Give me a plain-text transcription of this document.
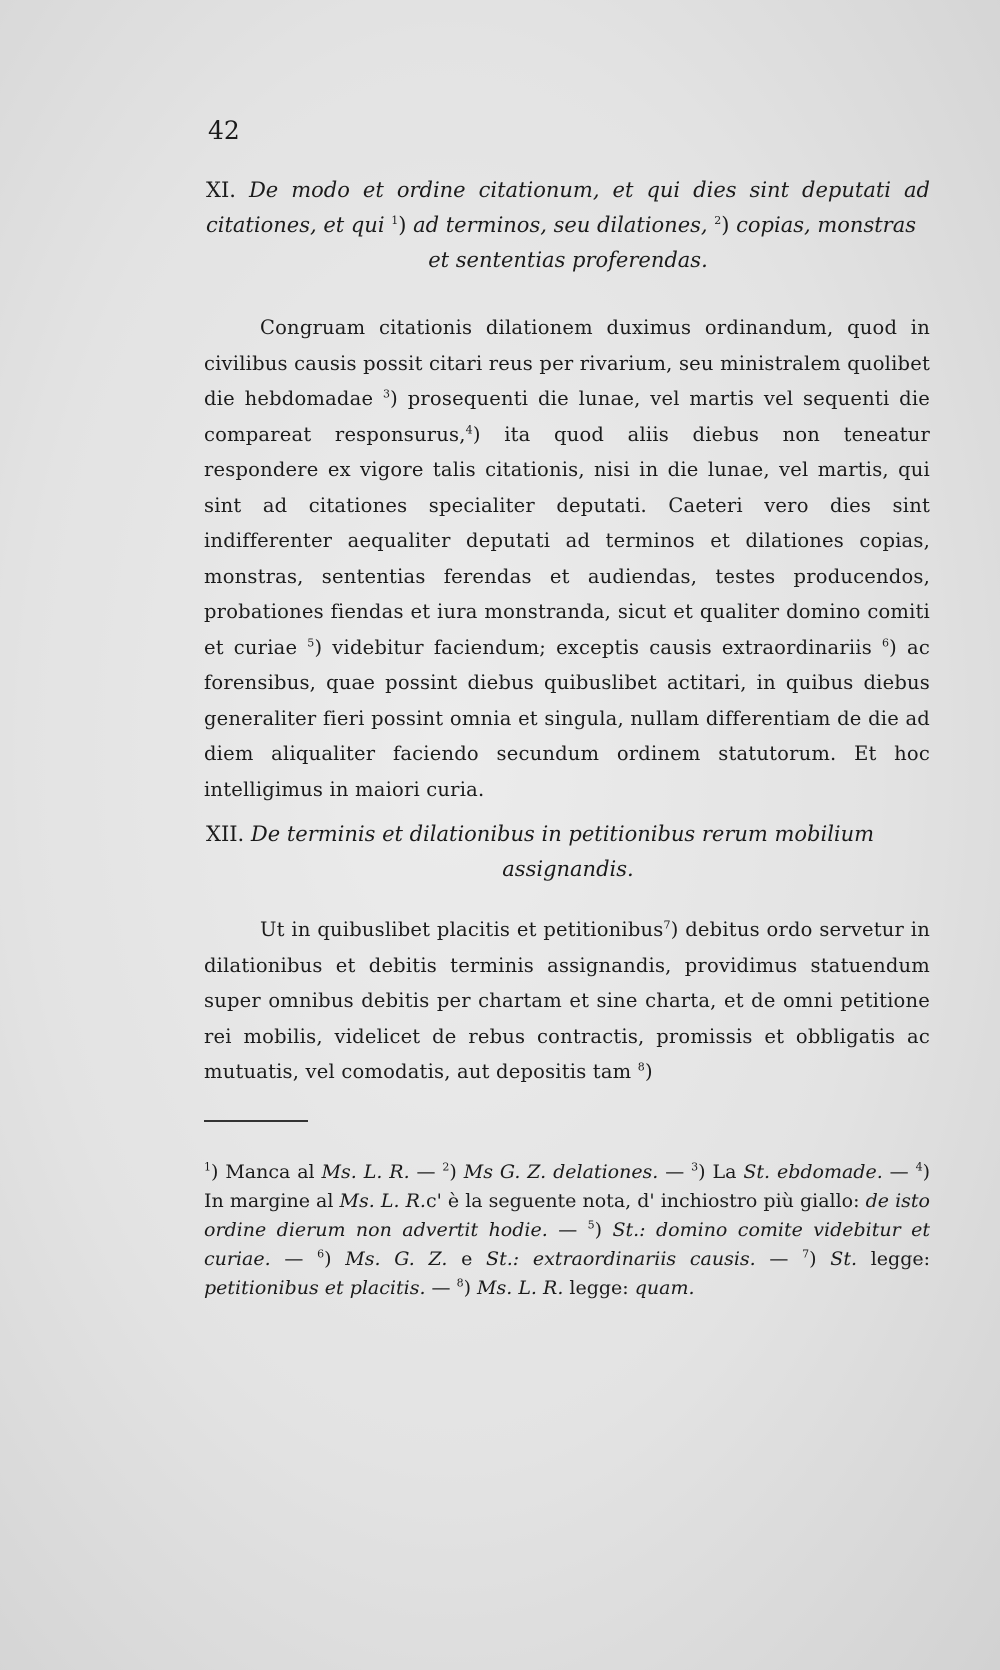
42
XI. De modo et ordine citationum, et qui dies sint deputati ad citationes, et qui $^1$) ad terminos, seu dilationes, $^2$) copias, monstras
et sententias proferendas.
Congruam citationis dilationem duximus ordinandum, quod in civilibus causis possit citari reus per rivarium, seu ministralem quolibet die hebdomadae $^3$) prosequenti die lunae, vel martis vel sequenti die compareat responsurus,$^4$) ita quod aliis diebus non teneatur respondere ex vigore talis citationis, nisi in die lunae, vel martis, qui sint ad citationes specialiter deputati. Caeteri vero dies sint indifferenter aequaliter deputati ad terminos et dilationes copias, monstras, sententias ferendas et audiendas, testes producendos, probationes fiendas et iura monstranda, sicut et qualiter domino comiti et curiae $^5$) videbitur faciendum; exceptis causis extraordinariis $^6$) ac forensibus, quae possint diebus quibuslibet actitari, in quibus diebus generaliter fieri possint omnia et singula, nullam differentiam de die ad diem aliqualiter faciendo secundum ordinem statutorum. Et hoc intelligimus in maiori curia.
XII. De terminis et dilationibus in petitionibus rerum mobilium
assignandis.
Ut in quibuslibet placitis et petitionibus$^7$) debitus ordo servetur in dilationibus et debitis terminis assignandis, providimus statuendum super omnibus debitis per chartam et sine charta, et de omni petitione rei mobilis, videlicet de rebus contractis, promissis et obbligatis ac mutuatis, vel comodatis, aut depositis tam $^8$)
$^1$) Manca al Ms. L. R. — $^2$) Ms G. Z. delationes. — $^3$) La St. ebdomade. — $^4$) In margine al Ms. L. R.c' è la seguente nota, d' inchiostro più giallo: de isto ordine dierum non advertit hodie. — $^5$) St.: domino comite videbitur et curiae. — $^6$) Ms. G. Z. e St.: extraordinariis causis. — $^7$) St. legge: petitionibus et placitis. — $^8$) Ms. L. R. legge: quam.
